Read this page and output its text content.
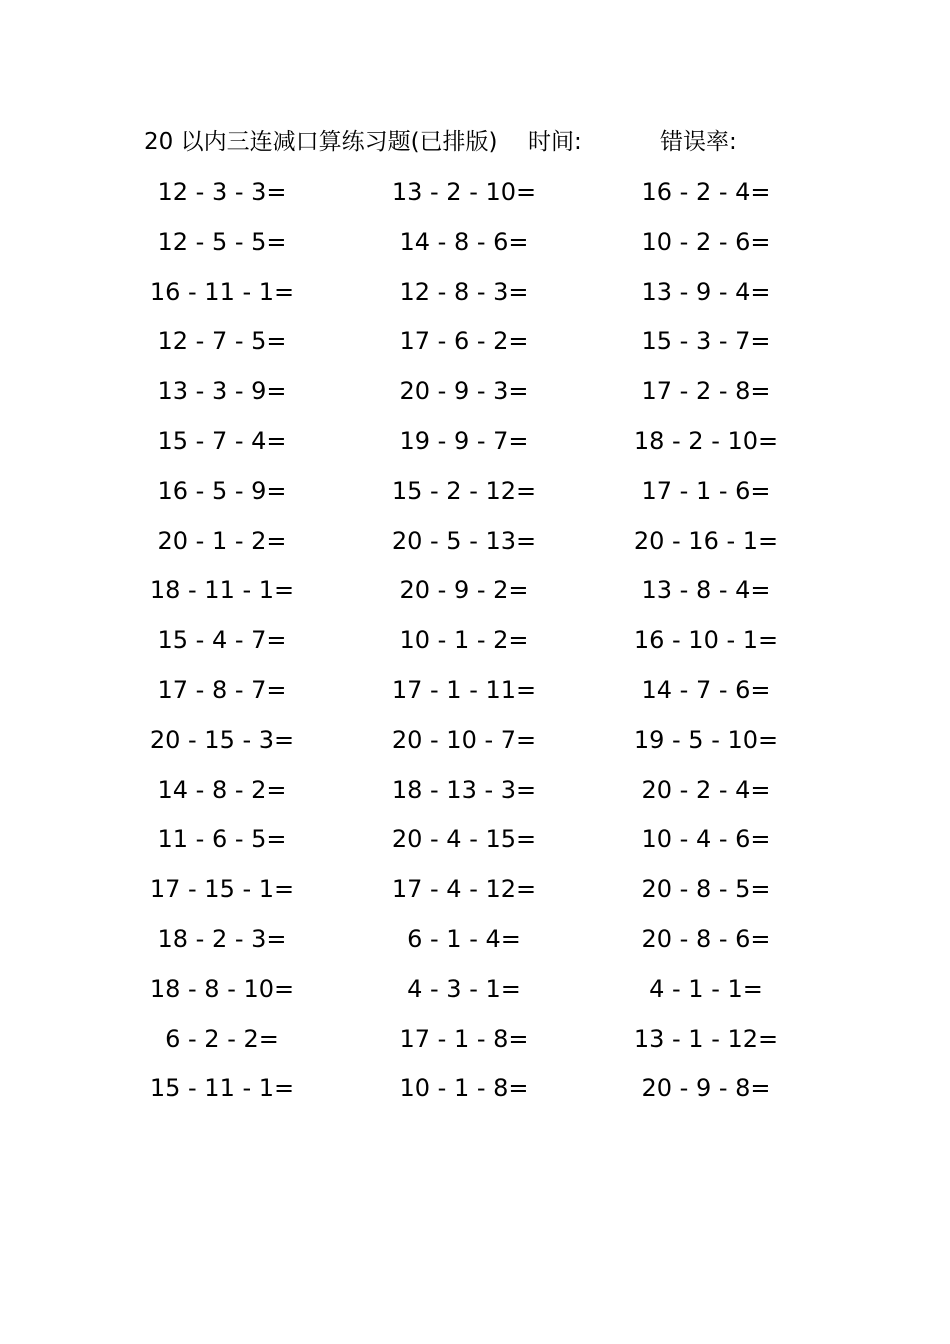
20 以内三连减口算练习题(已排版) 时间:	错误率:
12 - 3 - 3=	13 - 2 - 10=	16 - 2 - 4=
12 - 5 - 5=	14 - 8 - 6=	10 - 2 - 6=
16 - 11 - 1=	12 - 8 - 3=	13 - 9 - 4=
12 - 7 - 5=	17 - 6 - 2=	15 - 3 - 7=
13 - 3 - 9=	20 - 9 - 3=	17 - 2 - 8=
15 - 7 - 4=	19 - 9 - 7=	18 - 2 - 10=
16 - 5 - 9=	15 - 2 - 12=	17 - 1 - 6=
20 - 1 - 2=	20 - 5 - 13=	20 - 16 - 1=
18 - 11 - 1=	20 - 9 - 2=	13 - 8 - 4=
15 - 4 - 7=	10 - 1 - 2=	16 - 10 - 1=
17 - 8 - 7=	17 - 1 - 11=	14 - 7 - 6=
20 - 15 - 3=	20 - 10 - 7=	19 - 5 - 10=
14 - 8 - 2=	18 - 13 - 3=	20 - 2 - 4=
11 - 6 - 5=	20 - 4 - 15=	10 - 4 - 6=
17 - 15 - 1=	17 - 4 - 12=	20 - 8 - 5=
18 - 2 - 3=	6 - 1 - 4=	20 - 8 - 6=
18 - 8 - 10=	4 - 3 - 1=	4 - 1 - 1=
6 - 2 - 2=	17 - 1 - 8=	13 - 1 - 12=
15 - 11 - 1=	10 - 1 - 8=	20 - 9 - 8=
